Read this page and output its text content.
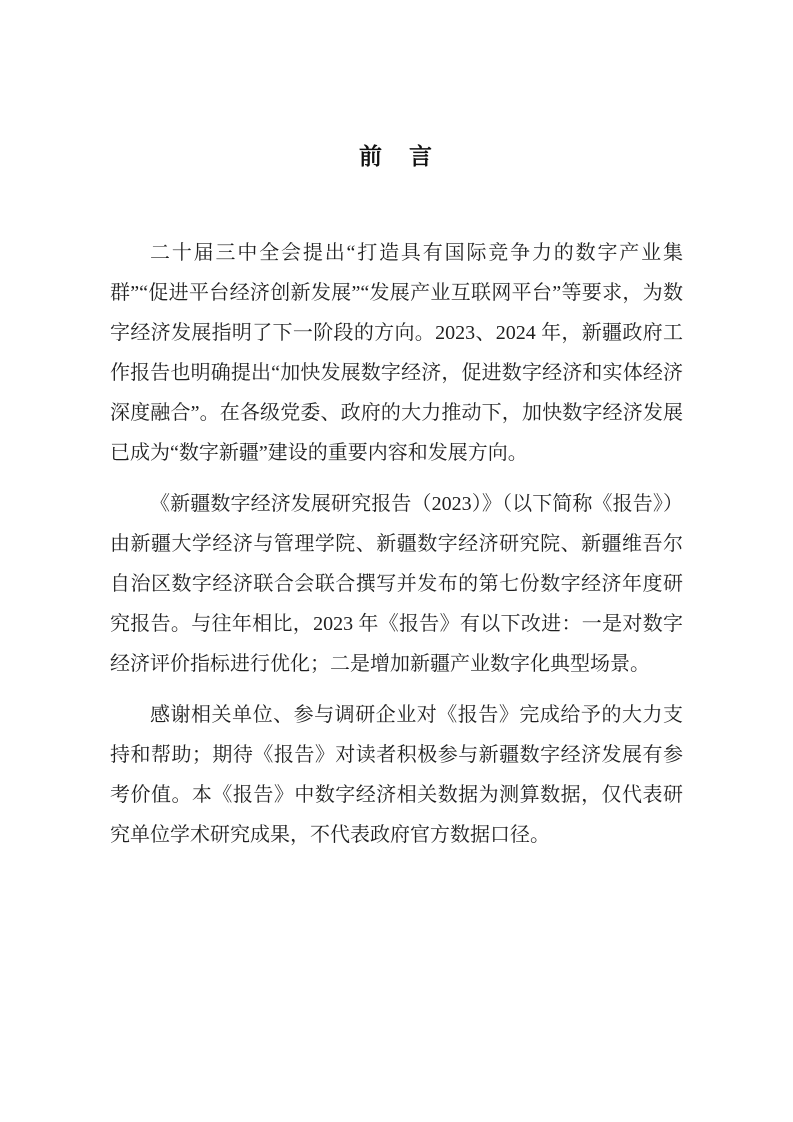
前　言

二十届三中全会提出“打造具有国际竞争力的数字产业集群”“促进平台经济创新发展”“发展产业互联网平台”等要求，为数字经济发展指明了下一阶段的方向。2023、2024 年，新疆政府工作报告也明确提出“加快发展数字经济，促进数字经济和实体经济深度融合”。在各级党委、政府的大力推动下，加快数字经济发展已成为“数字新疆”建设的重要内容和发展方向。

《新疆数字经济发展研究报告（2023）》（以下简称《报告》）由新疆大学经济与管理学院、新疆数字经济研究院、新疆维吾尔自治区数字经济联合会联合撰写并发布的第七份数字经济年度研究报告。与往年相比，2023 年《报告》有以下改进：一是对数字经济评价指标进行优化；二是增加新疆产业数字化典型场景。

感谢相关单位、参与调研企业对《报告》完成给予的大力支持和帮助；期待《报告》对读者积极参与新疆数字经济发展有参考价值。本《报告》中数字经济相关数据为测算数据，仅代表研究单位学术研究成果，不代表政府官方数据口径。
